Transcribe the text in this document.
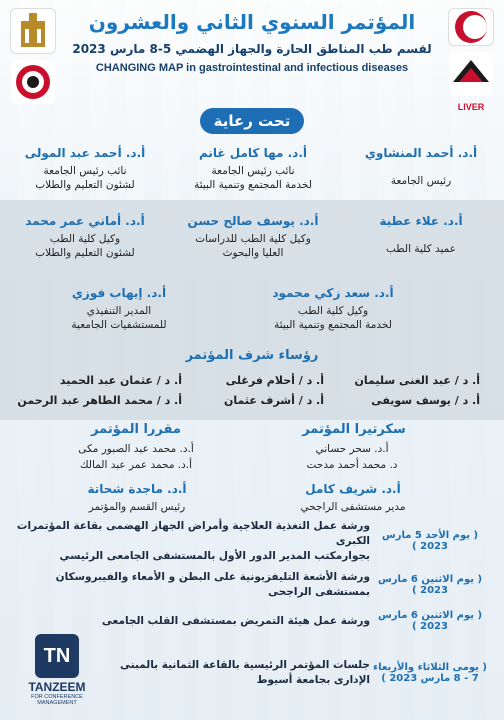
LIVER
المؤتمر السنوي الثاني والعشرون
لقسم طب المناطق الحارة والجهاز الهضمي 5-8 مارس 2023
CHANGING MAP in gastrointestinal and infectious diseases
تحت رعاية
أ.د. أحمد المنشاوي
رئيس الجامعة
أ.د. مها كامل غانم
نائب رئيس الجامعة
لخدمة المجتمع وتنمية البيئة
أ.د. أحمد عبد المولى
نائب رئيس الجامعة
لشئون التعليم والطلاب
أ.د. علاء عطية
عميد كلية الطب
أ.د. يوسف صالح حسن
وكيل كلية الطب للدراسات
العليا والبحوث
أ.د. أماني عمر محمد
وكيل كلية الطب
لشئون التعليم والطلاب
أ.د. سعد زكي محمود
وكيل كلية الطب
لخدمة المجتمع وتنمية البيئة
أ.د. إيهاب فوزي
المدير التنفيذي
للمستشفيات الجامعية
رؤساء شرف المؤتمر
أ. د / عبد الغنى سليمان
أ. د / أحلام فرغلى
أ. د / عثمان عبد الحميد
أ. د / يوسف سويفى
أ. د / أشرف عثمان
أ. د / محمد الطاهر عبد الرحمن
سكرتيرا المؤتمر
أ.د. سحر حساني
د. محمد أحمد مدحت
مقررا المؤتمر
أ.د. محمد عبد الصبور مكى
أ.د. محمد عمر عبد المالك
أ.د. شريف كامل
مدير مستشفى الراجحي
أ.د. ماجدة شحاتة
رئيس القسم والمؤتمر
( يوم الأحد 5 مارس 2023 )
ورشة عمل التغذية العلاجية وأمراض الجهاز الهضمى بقاعة المؤتمرات الكبرى
بجوارمكتب المدير الدور الأول بالمستشفى الجامعى الرئيسي
( يوم الاثنين 6 مارس 2023 )
ورشة الأشعة التليفزيونية على البطن و الأمعاء والفيبروسكان بمستشفى الراجحى
( يوم الاثنين 6 مارس 2023 )
ورشة عمل هيئة التمريض بمستشفى القلب الجامعى
( يومى الثلاثاء والأربعاء
7 - 8 مارس 2023 )
جلسات المؤتمر الرئيسية بالقاعة الثمانية بالمبنى الإدارى بجامعة أسيوط
TN
TANZEEM
FOR CONFERENCE MANAGEMENT
